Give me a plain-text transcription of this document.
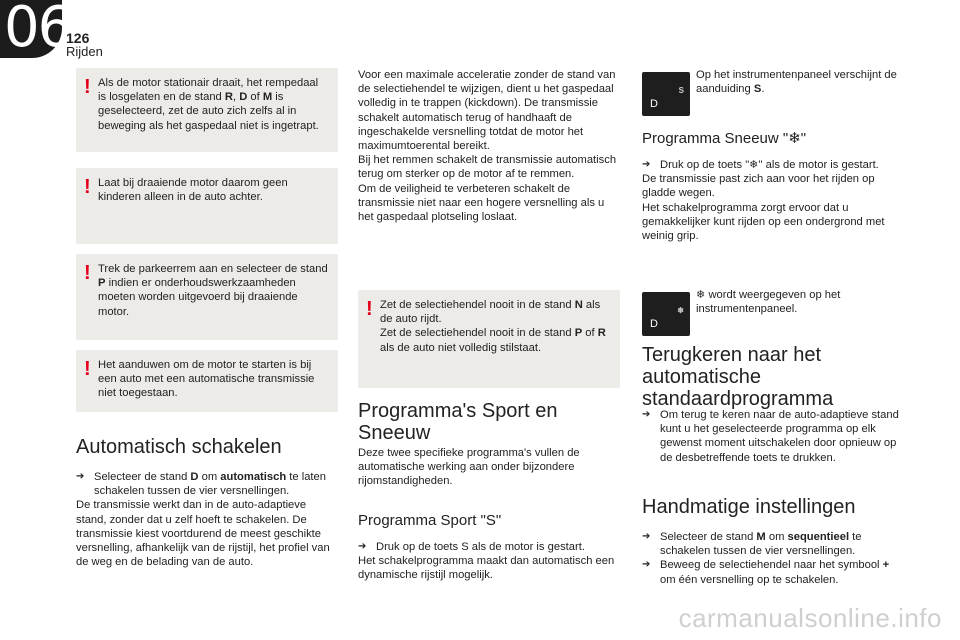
06
126
Rijden
! Als de motor stationair draait, het rempedaal is losgelaten en de stand R, D of M is geselecteerd, zet de auto zich zelfs al in beweging als het gaspedaal niet is ingetrapt.

! Laat bij draaiende motor daarom geen kinderen alleen in de auto achter.

! Trek de parkeerrem aan en selecteer de stand P indien er onderhoudswerkzaamheden moeten worden uitgevoerd bij draaiende motor.

! Het aanduwen om de motor te starten is bij een auto met een automatische transmissie niet toegestaan.

Automatisch schakelen
➔ Selecteer de stand D om automatisch te laten schakelen tussen de vier versnellingen.

De transmissie werkt dan in de auto-adaptieve stand, zonder dat u zelf hoeft te schakelen. De transmissie kiest voortdurend de meest geschikte versnelling, afhankelijk van de rijstijl, het profiel van de weg en de belading van de auto.

Voor een maximale acceleratie zonder de stand van de selectiehendel te wijzigen, dient u het gaspedaal volledig in te trappen (kickdown). De transmissie schakelt automatisch terug of handhaaft de ingeschakelde versnelling totdat de motor het maximumtoerental bereikt.

Bij het remmen schakelt de transmissie automatisch terug om sterker op de motor af te remmen.

Om de veiligheid te verbeteren schakelt de transmissie niet naar een hogere versnelling als u het gaspedaal plotseling loslaat.

! Zet de selectiehendel nooit in de stand N als de auto rijdt.
Zet de selectiehendel nooit in de stand P of R als de auto niet volledig stilstaat.

Programma's Sport en Sneeuw

Deze twee specifieke programma's vullen de automatische werking aan onder bijzondere rijomstandigheden.

Programma Sport "S"
➔ Druk op de toets S als de motor is gestart.

Het schakelprogramma maakt dan automatisch een dynamische rijstijl mogelijk.

D
S

Op het instrumentenpaneel verschijnt de aanduiding S.

Programma Sneeuw "❄"
➔ Druk op de toets "❄" als de motor is gestart.

De transmissie past zich aan voor het rijden op gladde wegen.

Het schakelprogramma zorgt ervoor dat u gemakkelijker kunt rijden op een ondergrond met weinig grip.

D
❄

❄ wordt weergegeven op het instrumentenpaneel.

Terugkeren naar het automatische standaardprogramma
➔ Om terug te keren naar de auto-adaptieve stand kunt u het geselecteerde programma op elk gewenst moment uitschakelen door opnieuw op de desbetreffende toets te drukken.
Handmatige instellingen
➔ Selecteer de stand M om sequentieel te schakelen tussen de vier versnellingen.
➔ Beweeg de selectiehendel naar het symbool + om één versnelling op te schakelen.
carmanualsonline.info
